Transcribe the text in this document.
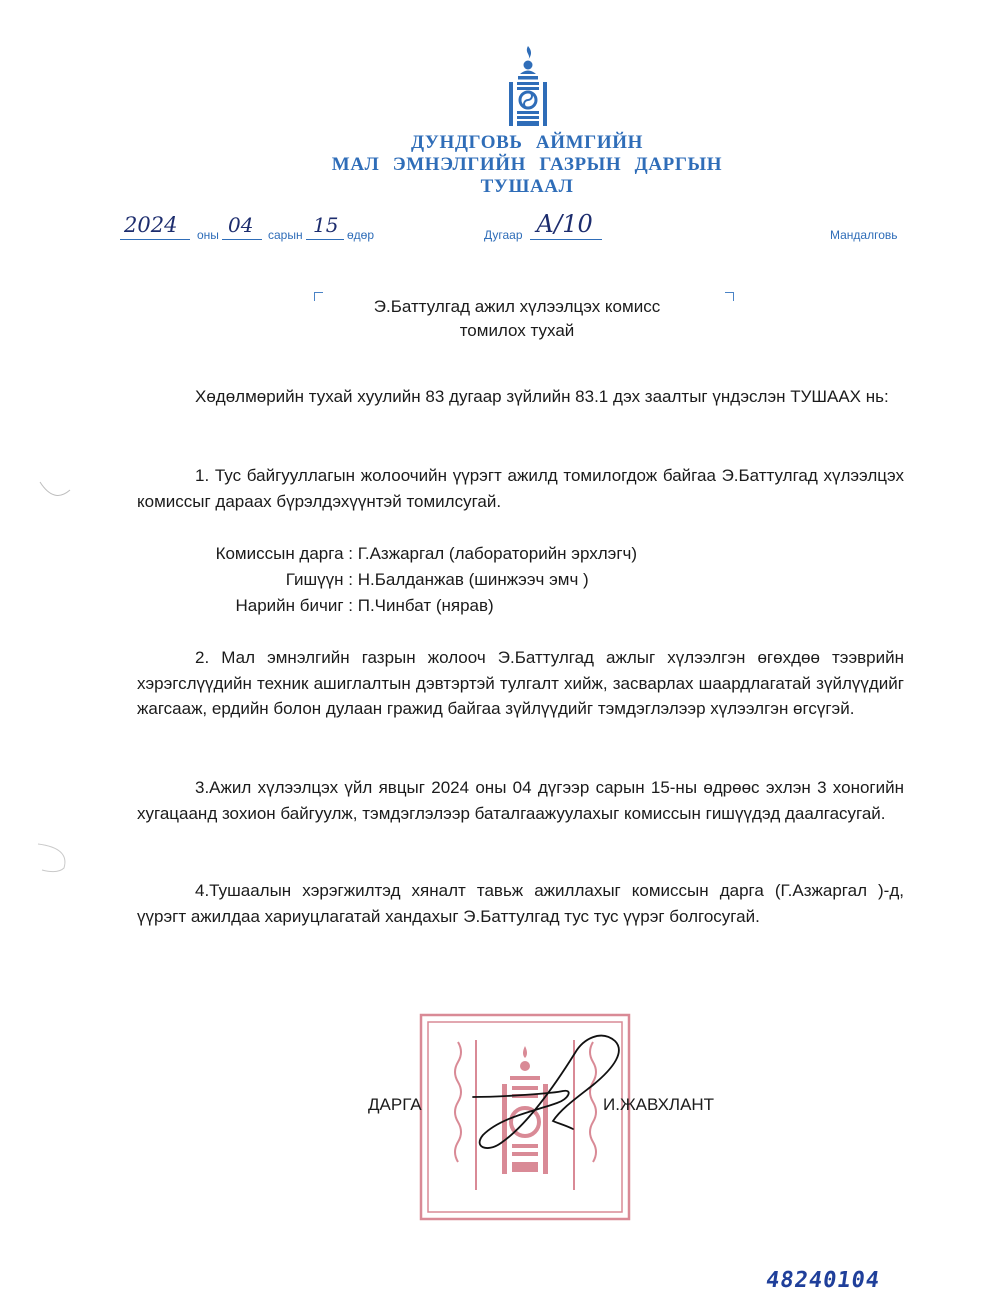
ДУНДГОВЬ АЙМГИЙН
МАЛ ЭМНЭЛГИЙН ГАЗРЫН ДАРГЫН
ТУШААЛ
2024 оны 04 сарын 15 өдөр	Дугаар А/10	Мандалговь
Э.Баттулгад ажил хүлээлцэх комисс
томилох тухай

Хөдөлмөрийн тухай хуулийн 83 дугаар зүйлийн 83.1 дэх заалтыг үндэслэн ТУШААХ нь:

1. Тус байгууллагын жолоочийн үүрэгт ажилд томилогдож байгаа Э.Баттулгад хүлээлцэх комиссыг дараах бүрэлдэхүүнтэй томилсугай.

Комиссын дарга :
Г.Азжаргал (лабораторийн эрхлэгч)
Гишүүн :
Н.Балданжав (шинжээч эмч )
Нарийн бичиг :
П.Чинбат (нярав)

2. Мал эмнэлгийн газрын жолооч Э.Баттулгад ажлыг хүлээлгэн өгөхдөө тээврийн хэрэгслүүдийн техник ашиглалтын дэвтэртэй тулгалт хийж, засварлах шаардлагатай зүйлүүдийг жагсааж, ердийн болон дулаан гражид байгаа зүйлүүдийг тэмдэглэлээр хүлээлгэн өгсүгэй.

3.Ажил хүлээлцэх үйл явцыг 2024 оны 04 дүгээр сарын 15-ны өдрөөс эхлэн 3 хоногийн хугацаанд зохион байгуулж, тэмдэглэлээр баталгаажуулахыг комиссын гишүүдэд даалгасугай.

4.Тушаалын хэрэгжилтэд хяналт тавьж ажиллахыг комиссын дарга (Г.Азжаргал )-д, үүрэгт ажилдаа хариуцлагатай хандахыг Э.Баттулгад тус тус үүрэг болгосугай.

ДАРГА	И.ЖАВХЛАНТ
48240104
